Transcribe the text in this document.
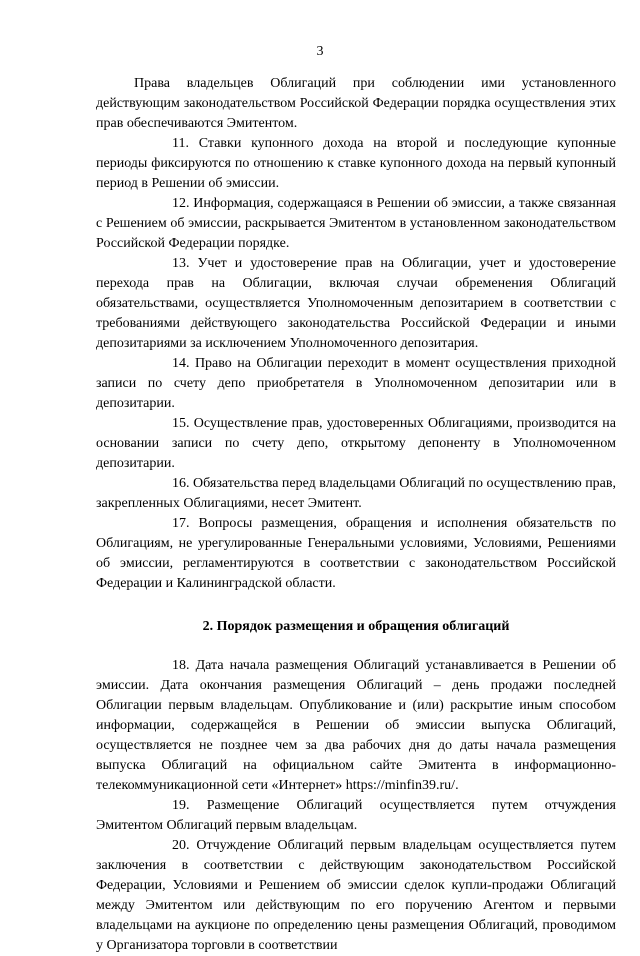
3

Права владельцев Облигаций при соблюдении ими установленного действующим законодательством Российской Федерации порядка осуществления этих прав обеспечиваются Эмитентом.

11. Ставки купонного дохода на второй и последующие купонные периоды фиксируются по отношению к ставке купонного дохода на первый купонный период в Решении об эмиссии.

12. Информация, содержащаяся в Решении об эмиссии, а также связанная с Решением об эмиссии, раскрывается Эмитентом в установленном законодательством Российской Федерации порядке.

13. Учет и удостоверение прав на Облигации, учет и удостоверение перехода прав на Облигации, включая случаи обременения Облигаций обязательствами, осуществляется Уполномоченным депозитарием в соответствии с требованиями действующего законодательства Российской Федерации и иными депозитариями за исключением Уполномоченного депозитария.

14. Право на Облигации переходит в момент осуществления приходной записи по счету депо приобретателя в Уполномоченном депозитарии или в депозитарии.

15. Осуществление прав, удостоверенных Облигациями, производится на основании записи по счету депо, открытому депоненту в Уполномоченном депозитарии.

16. Обязательства перед владельцами Облигаций по осуществлению прав, закрепленных Облигациями, несет Эмитент.

17. Вопросы размещения, обращения и исполнения обязательств по Облигациям, не урегулированные Генеральными условиями, Условиями, Решениями об эмиссии, регламентируются в соответствии с законодательством Российской Федерации и Калининградской области.

2. Порядок размещения и обращения облигаций

18. Дата начала размещения Облигаций устанавливается в Решении об эмиссии. Дата окончания размещения Облигаций – день продажи последней Облигации первым владельцам. Опубликование и (или) раскрытие иным способом информации, содержащейся в Решении об эмиссии выпуска Облигаций, осуществляется не позднее чем за два рабочих дня до даты начала размещения выпуска Облигаций на официальном сайте Эмитента в информационно-телекоммуникационной сети «Интернет» https://minfin39.ru/.

19. Размещение Облигаций осуществляется путем отчуждения Эмитентом Облигаций первым владельцам.

20. Отчуждение Облигаций первым владельцам осуществляется путем заключения в соответствии с действующим законодательством Российской Федерации, Условиями и Решением об эмиссии сделок купли-продажи Облигаций между Эмитентом или действующим по его поручению Агентом и первыми владельцами на аукционе по определению цены размещения Облигаций, проводимом у Организатора торговли в соответствии
